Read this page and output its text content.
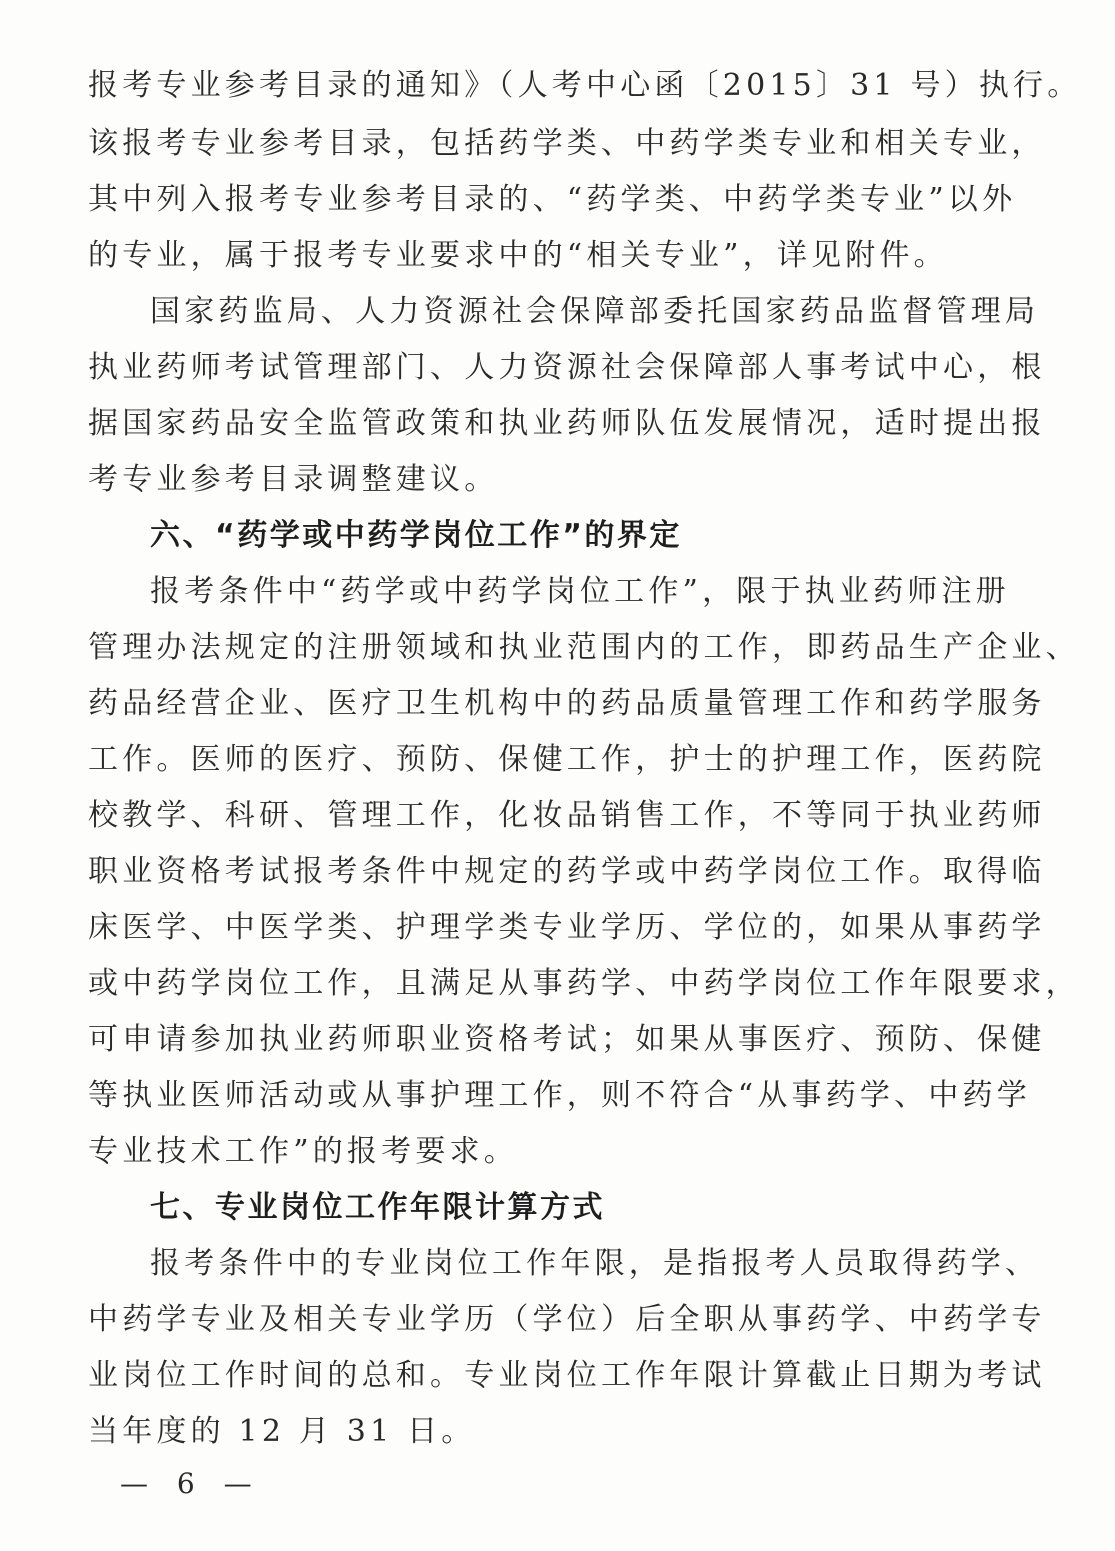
报考专业参考目录的通知》（人考中心函〔2015〕31 号）执行。
该报考专业参考目录，包括药学类、中药学类专业和相关专业，
其中列入报考专业参考目录的、“药学类、中药学类专业”以外
的专业，属于报考专业要求中的“相关专业”，详见附件。
国家药监局、人力资源社会保障部委托国家药品监督管理局
执业药师考试管理部门、人力资源社会保障部人事考试中心，根
据国家药品安全监管政策和执业药师队伍发展情况，适时提出报
考专业参考目录调整建议。
六、“药学或中药学岗位工作”的界定
报考条件中“药学或中药学岗位工作”，限于执业药师注册
管理办法规定的注册领域和执业范围内的工作，即药品生产企业、
药品经营企业、医疗卫生机构中的药品质量管理工作和药学服务
工作。医师的医疗、预防、保健工作，护士的护理工作，医药院
校教学、科研、管理工作，化妆品销售工作，不等同于执业药师
职业资格考试报考条件中规定的药学或中药学岗位工作。取得临
床医学、中医学类、护理学类专业学历、学位的，如果从事药学
或中药学岗位工作，且满足从事药学、中药学岗位工作年限要求，
可申请参加执业药师职业资格考试；如果从事医疗、预防、保健
等执业医师活动或从事护理工作，则不符合“从事药学、中药学
专业技术工作”的报考要求。
七、专业岗位工作年限计算方式
报考条件中的专业岗位工作年限，是指报考人员取得药学、
中药学专业及相关专业学历（学位）后全职从事药学、中药学专
业岗位工作时间的总和。专业岗位工作年限计算截止日期为考试
当年度的 12 月 31 日。
— 6 —
